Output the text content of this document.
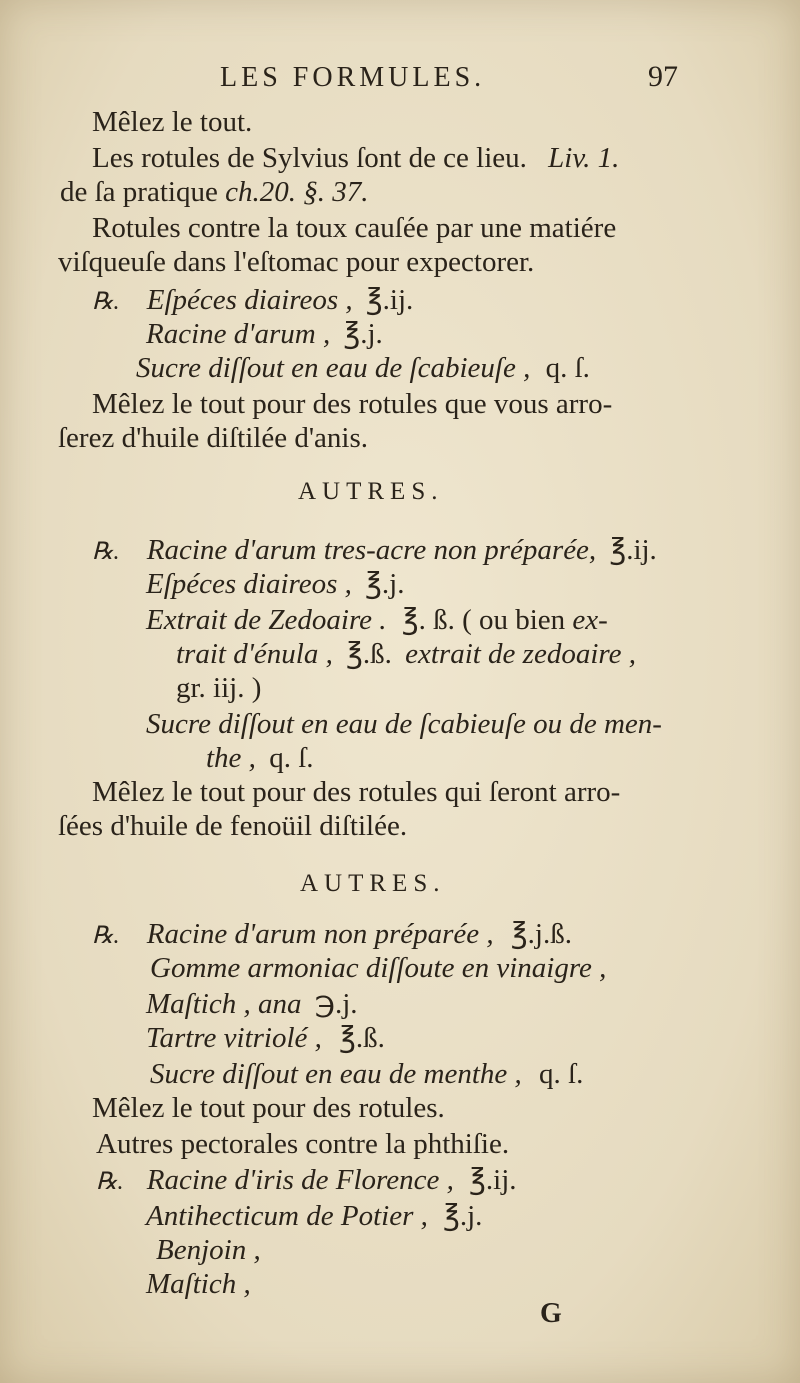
LES FORMULES.	97
Mêlez le tout.
Les rotules de Sylvius ſont de ce lieu. Liv. 1.
de ſa pratique ch.20. §. 37.
Rotules contre la toux cauſée par une matiére
viſqueuſe dans l'eſtomac pour expectorer.
℞. Eſpéces diaireos , ℥.ij.
Racine d'arum , ℥.j.
Sucre diſſout en eau de ſcabieuſe , q. ſ.
Mêlez le tout pour des rotules que vous arro-
ſerez d'huile diſtilée d'anis.
AUTRES.
℞. Racine d'arum tres-acre non préparée, ℥.ij.
Eſpéces diaireos , ℥.j.
Extrait de Zedoaire . ℥. ß. ( ou bien ex-
trait d'énula , ℥.ß. extrait de zedoaire ,
gr. iij. )
Sucre diſſout en eau de ſcabieuſe ou de men-
the , q. ſ.
Mêlez le tout pour des rotules qui ſeront arro-
ſées d'huile de fenoüil diſtilée.
AUTRES.
℞. Racine d'arum non préparée , ℥.j.ß.
Gomme armoniac diſſoute en vinaigre ,
Maſtich , ana ℈.j.
Tartre vitriolé , ℥.ß.
Sucre diſſout en eau de menthe , q. ſ.
Mêlez le tout pour des rotules.
Autres pectorales contre la phthiſie.
℞. Racine d'iris de Florence , ℥.ij.
Antihecticum de Potier , ℥.j.
Benjoin ,
Maſtich ,
G
